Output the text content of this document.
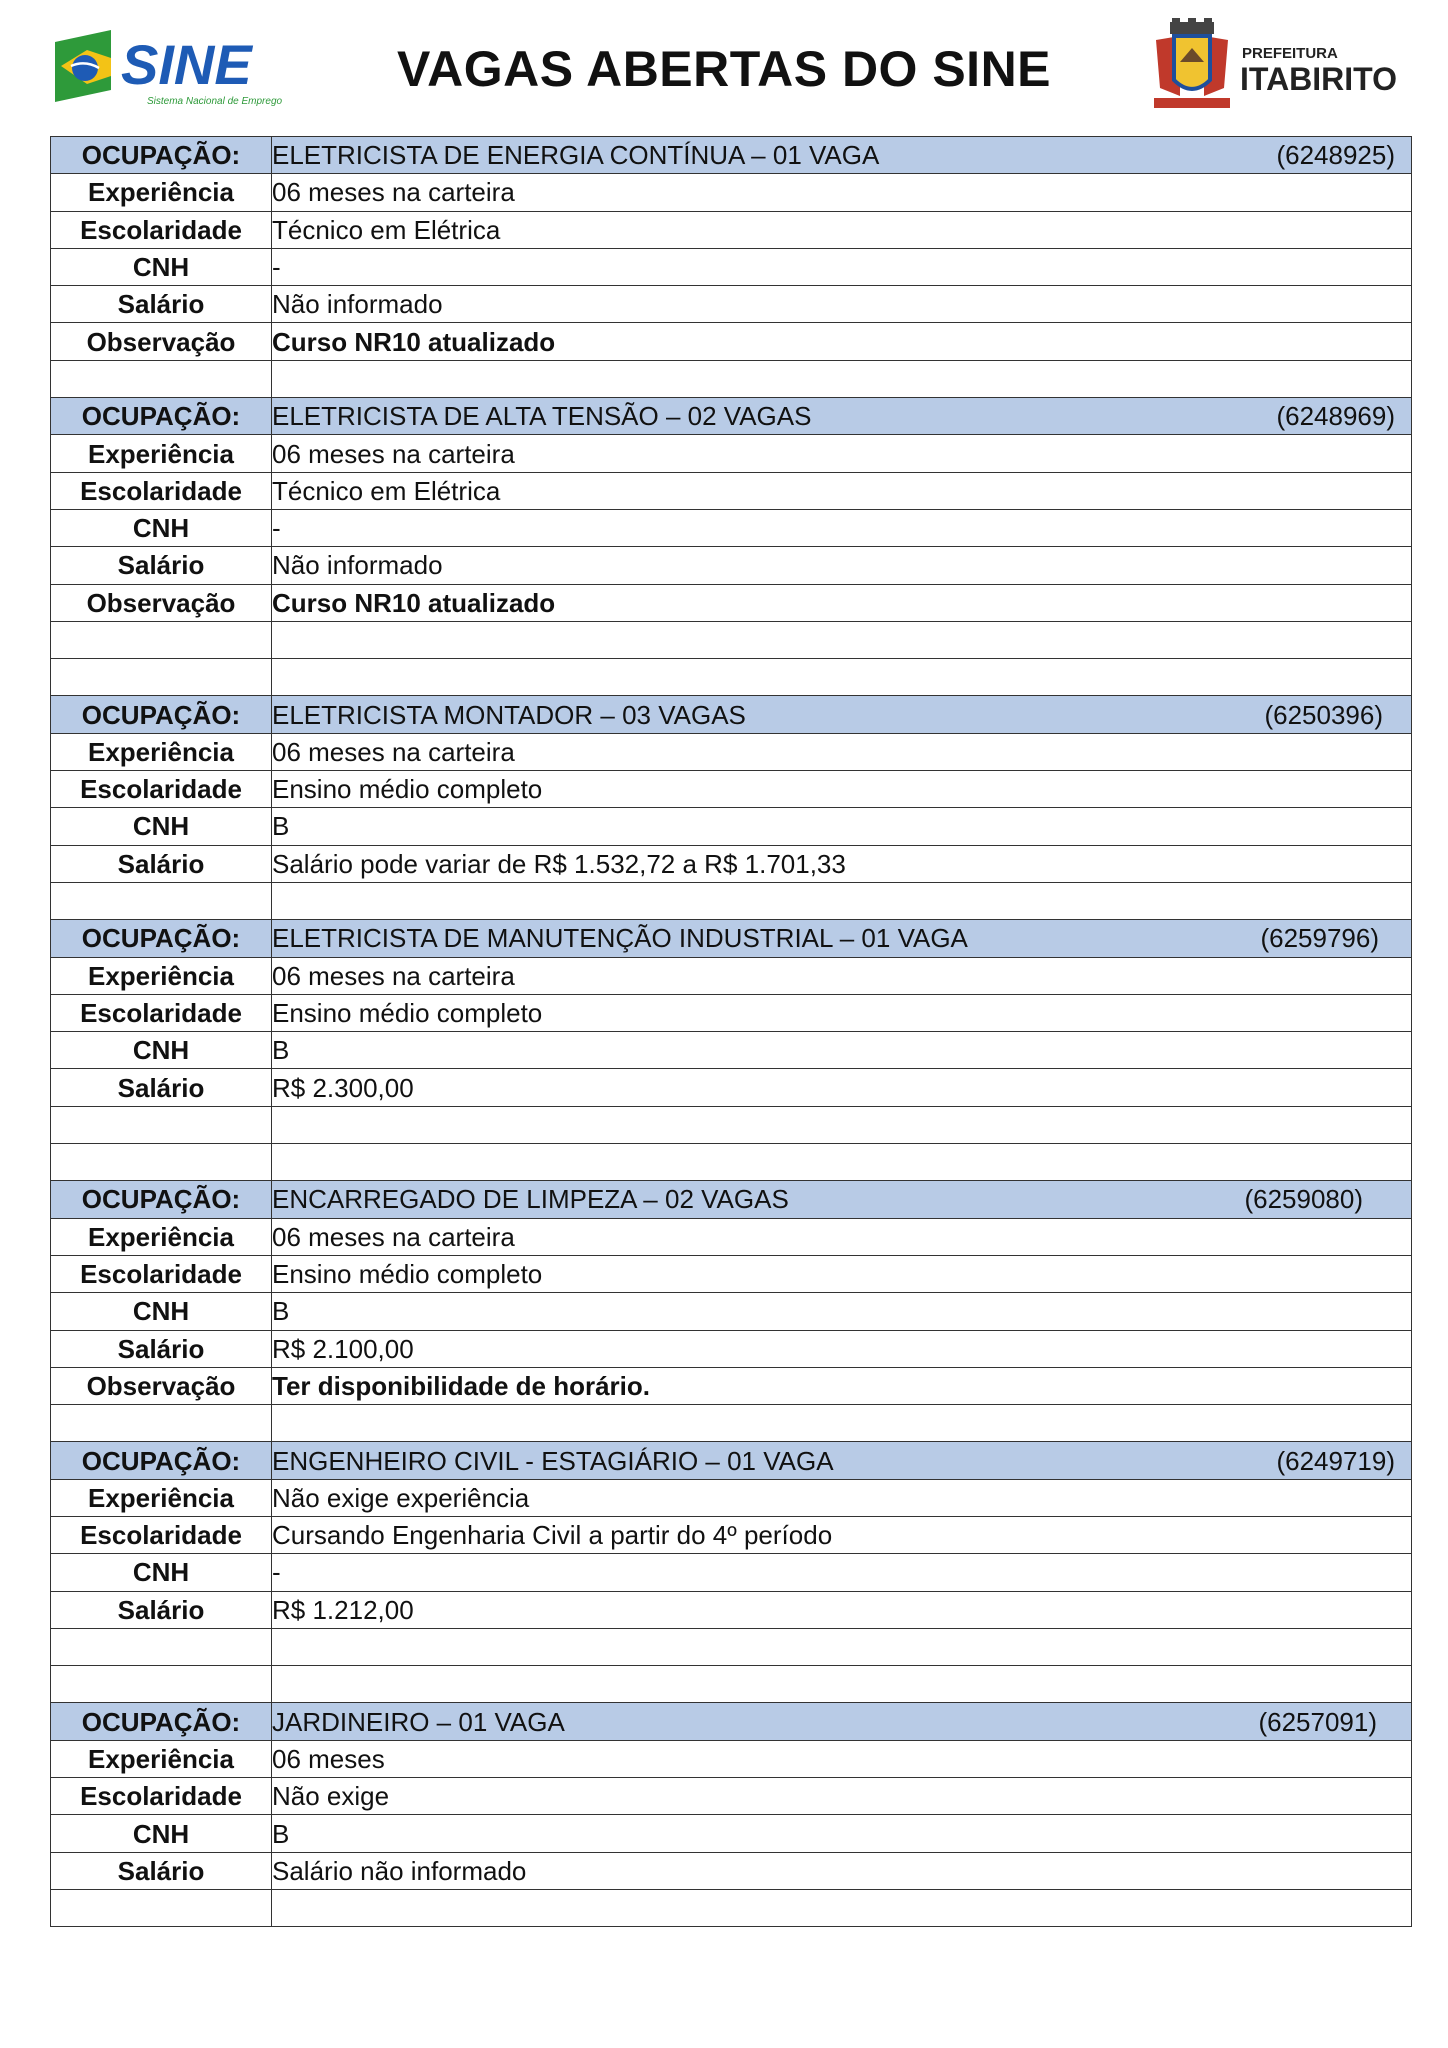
SINE
Sistema Nacional de Emprego
VAGAS ABERTAS DO SINE	PREFEITURA
ITABIRITO
OCUPAÇÃO:	ELETRICISTA DE ENERGIA CONTÍNUA – 01 VAGA (6248925)

Experiência	06 meses na carteira
Escolaridade	Técnico em Elétrica
CNH	-
Salário	Não informado
Observação	Curso NR10 atualizado

OCUPAÇÃO:	ELETRICISTA DE ALTA TENSÃO – 02 VAGAS (6248969)

Experiência	06 meses na carteira
Escolaridade	Técnico em Elétrica
CNH	-
Salário	Não informado
Observação	Curso NR10 atualizado

OCUPAÇÃO:	ELETRICISTA MONTADOR – 03 VAGAS (6250396)

Experiência	06 meses na carteira
Escolaridade	Ensino médio completo
CNH	B
Salário	Salário pode variar de R$ 1.532,72 a R$ 1.701,33

OCUPAÇÃO:	ELETRICISTA DE MANUTENÇÃO INDUSTRIAL – 01 VAGA (6259796)

Experiência	06 meses na carteira
Escolaridade	Ensino médio completo
CNH	B
Salário	R$ 2.300,00

OCUPAÇÃO:	ENCARREGADO DE LIMPEZA – 02 VAGAS (6259080)

Experiência	06 meses na carteira
Escolaridade	Ensino médio completo
CNH	B
Salário	R$ 2.100,00
Observação	Ter disponibilidade de horário.

OCUPAÇÃO:	ENGENHEIRO CIVIL - ESTAGIÁRIO – 01 VAGA (6249719)

Experiência	Não exige experiência
Escolaridade	Cursando Engenharia Civil a partir do 4º período
CNH	-
Salário	R$ 1.212,00

OCUPAÇÃO:	JARDINEIRO – 01 VAGA (6257091)

Experiência	06 meses
Escolaridade	Não exige
CNH	B
Salário	Salário não informado
